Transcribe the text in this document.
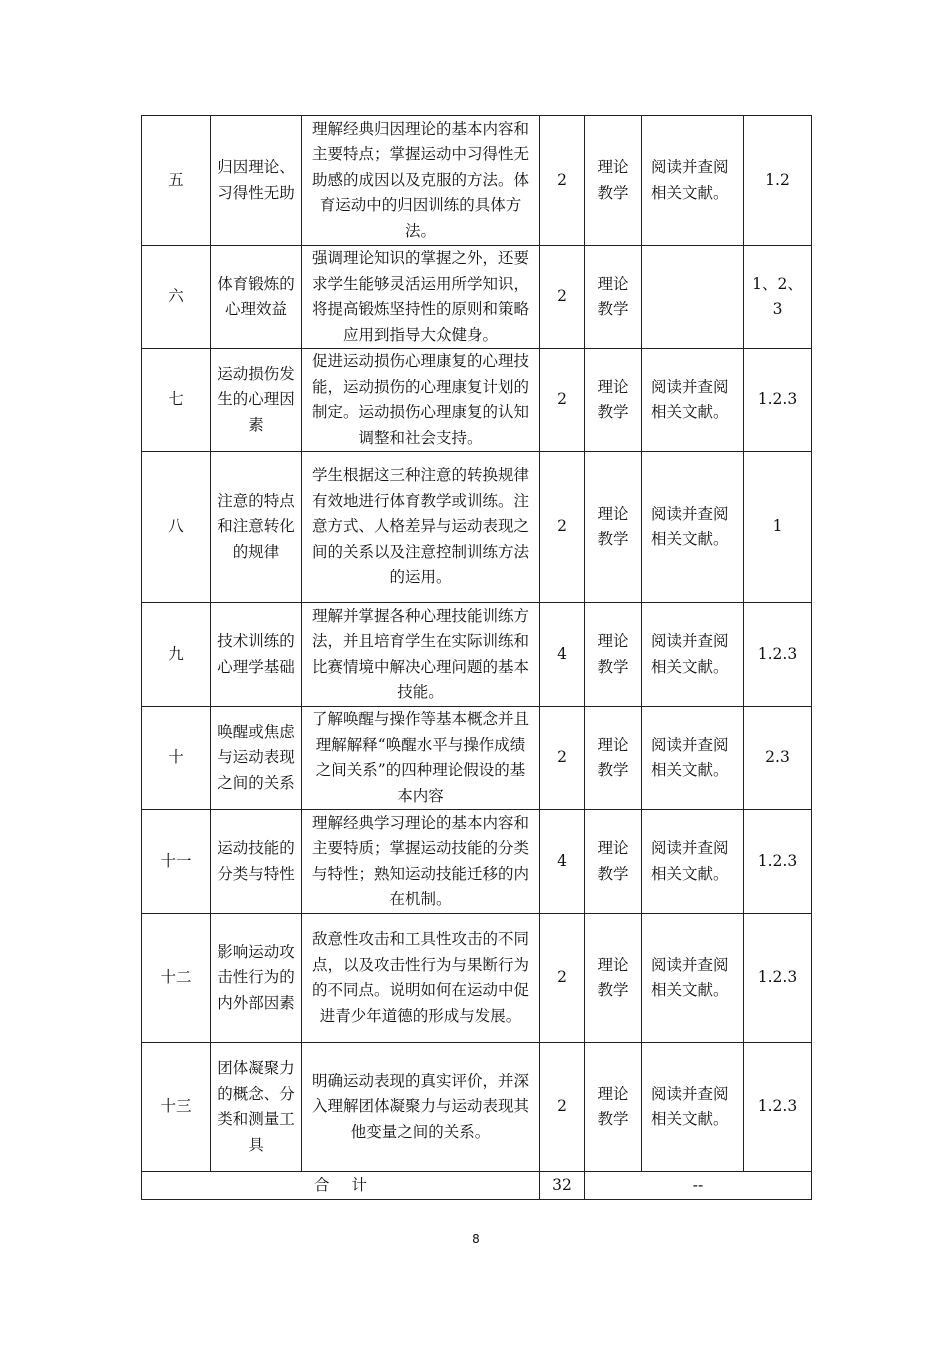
五	归因理论、习得性无助	理解经典归因理论的基本内容和主要特点；掌握运动中习得性无助感的成因以及克服的方法。体育运动中的归因训练的具体方法。	2	理论教学	阅读并查阅相关文献。	1.2
六	体育锻炼的心理效益	强调理论知识的掌握之外，还要求学生能够灵活运用所学知识，将提高锻炼坚持性的原则和策略应用到指导大众健身。	2	理论教学		1、2、3
七	运动损伤发生的心理因素	促进运动损伤心理康复的心理技能，运动损伤的心理康复计划的制定。运动损伤心理康复的认知调整和社会支持。	2	理论教学	阅读并查阅相关文献。	1.2.3
八	注意的特点和注意转化的规律	学生根据这三种注意的转换规律有效地进行体育教学或训练。注意方式、人格差异与运动表现之间的关系以及注意控制训练方法的运用。	2	理论教学	阅读并查阅相关文献。	1
九	技术训练的心理学基础	理解并掌握各种心理技能训练方法，并且培育学生在实际训练和比赛情境中解决心理问题的基本技能。	4	理论教学	阅读并查阅相关文献。	1.2.3
十	唤醒或焦虑与运动表现之间的关系	了解唤醒与操作等基本概念并且理解解释“唤醒水平与操作成绩之间关系”的四种理论假设的基本内容	2	理论教学	阅读并查阅相关文献。	2.3
十一	运动技能的分类与特性	理解经典学习理论的基本内容和主要特质；掌握运动技能的分类与特性；熟知运动技能迁移的内在机制。	4	理论教学	阅读并查阅相关文献。	1.2.3
十二	影响运动攻击性行为的内外部因素	敌意性攻击和工具性攻击的不同点，以及攻击性行为与果断行为的不同点。说明如何在运动中促进青少年道德的形成与发展。	2	理论教学	阅读并查阅相关文献。	1.2.3
十三	团体凝聚力的概念、分类和测量工具	明确运动表现的真实评价，并深入理解团体凝聚力与运动表现其他变量之间的关系。	2	理论教学	阅读并查阅相关文献。	1.2.3
合 计			32	--		
8
